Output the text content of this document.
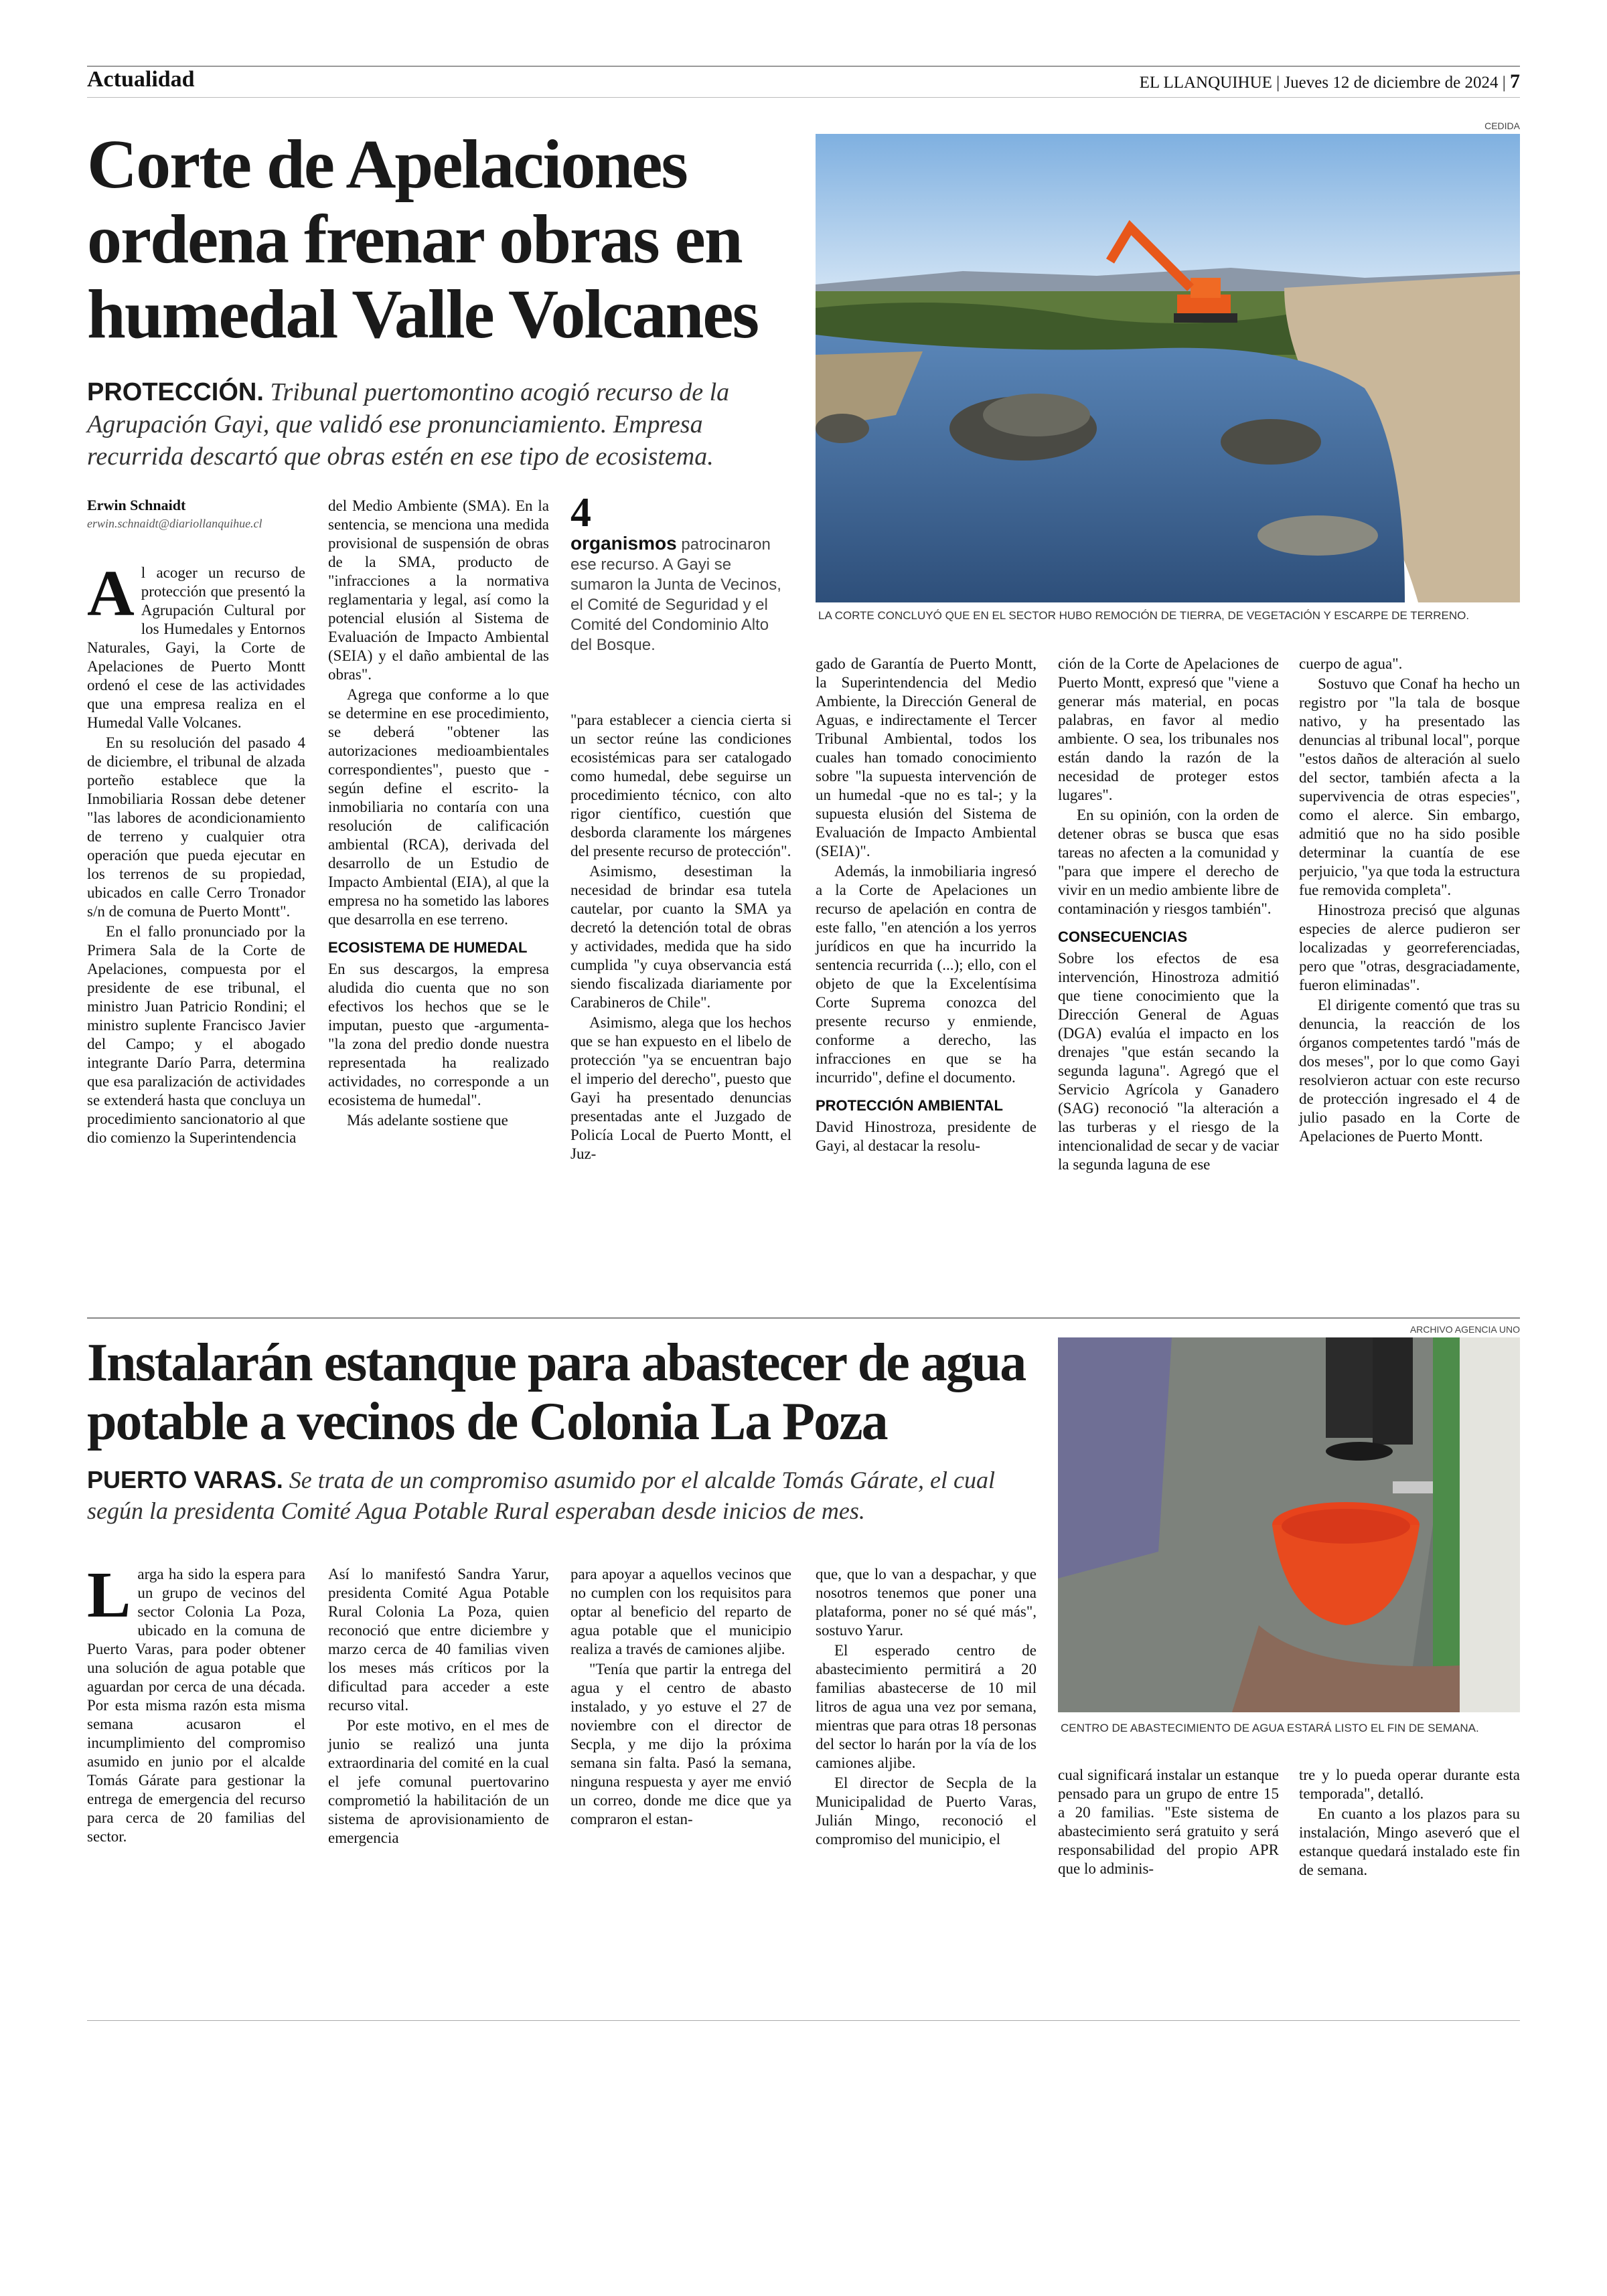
Actualidad	EL LLANQUIHUE | Jueves 12 de diciembre de 2024 | 7
Corte de Apelaciones ordena frenar obras en humedal Valle Volcanes
PROTECCIÓN. Tribunal puertomontino acogió recurso de la Agrupación Gayi, que validó ese pronunciamiento. Empresa recurrida descartó que obras estén en ese tipo de ecosistema.
CEDIDA
LA CORTE CONCLUYÓ QUE EN EL SECTOR HUBO REMOCIÓN DE TIERRA, DE VEGETACIÓN Y ESCARPE DE TERRENO.
Erwin Schnaidt
erwin.schnaidt@diariollanquihue.cl	4
organismos patrocinaron ese recurso. A Gayi se sumaron la Junta de Vecinos, el Comité de Seguridad y el Comité del Condominio Alto del Bosque.

Al acoger un recurso de protección que presentó la Agrupación Cultural por los Humedales y Entornos Naturales, Gayi, la Corte de Apelaciones de Puerto Montt ordenó el cese de las actividades que una empresa realiza en el Humedal Valle Volcanes.

En su resolución del pasado 4 de diciembre, el tribunal de alzada porteño establece que la Inmobiliaria Rossan debe detener "las labores de acondicionamiento de terreno y cualquier otra operación que pueda ejecutar en los terrenos de su propiedad, ubicados en calle Cerro Tronador s/n de comuna de Puerto Montt".

En el fallo pronunciado por la Primera Sala de la Corte de Apelaciones, compuesta por el presidente de ese tribunal, el ministro Juan Patricio Rondini; el ministro suplente Francisco Javier del Campo; y el abogado integrante Darío Parra, determina que esa paralización de actividades se extenderá hasta que concluya un procedimiento sancionatorio al que dio comienzo la Superintendencia

del Medio Ambiente (SMA). En la sentencia, se menciona una medida provisional de suspensión de obras de la SMA, producto de "infracciones a la normativa reglamentaria y legal, así como la potencial elusión al Sistema de Evaluación de Impacto Ambiental (SEIA) y el daño ambiental de las obras".

Agrega que conforme a lo que se determine en ese procedimiento, se deberá "obtener las autorizaciones medioambientales correspondientes", puesto que -según define el escrito- la inmobiliaria no contaría con una resolución de calificación ambiental (RCA), derivada del desarrollo de un Estudio de Impacto Ambiental (EIA), al que la empresa no ha sometido las labores que desarrolla en ese terreno.

ECOSISTEMA DE HUMEDAL

En sus descargos, la empresa aludida dio cuenta que no son efectivos los hechos que se le imputan, puesto que -argumenta- "la zona del predio donde nuestra representada ha realizado actividades, no corresponde a un ecosistema de humedal".

Más adelante sostiene que

"para establecer a ciencia cierta si un sector reúne las condiciones ecosistémicas para ser catalogado como humedal, debe seguirse un procedimiento técnico, con alto rigor científico, cuestión que desborda claramente los márgenes del presente recurso de protección".

Asimismo, desestiman la necesidad de brindar esa tutela cautelar, por cuanto la SMA ya decretó la detención total de obras y actividades, medida que ha sido cumplida "y cuya observancia está siendo fiscalizada diariamente por Carabineros de Chile".

Asimismo, alega que los hechos que se han expuesto en el libelo de protección "ya se encuentran bajo el imperio del derecho", puesto que Gayi ha presentado denuncias presentadas ante el Juzgado de Policía Local de Puerto Montt, el Juz-

gado de Garantía de Puerto Montt, la Superintendencia del Medio Ambiente, la Dirección General de Aguas, e indirectamente el Tercer Tribunal Ambiental, todos los cuales han tomado conocimiento sobre "la supuesta intervención de un humedal -que no es tal-; y la supuesta elusión del Sistema de Evaluación de Impacto Ambiental (SEIA)".

Además, la inmobiliaria ingresó a la Corte de Apelaciones un recurso de apelación en contra de este fallo, "en atención a los yerros jurídicos en que ha incurrido la sentencia recurrida (...); ello, con el objeto de que la Excelentísima Corte Suprema conozca del presente recurso y enmiende, conforme a derecho, las infracciones en que se ha incurrido", define el documento.

PROTECCIÓN AMBIENTAL

David Hinostroza, presidente de Gayi, al destacar la resolu-

ción de la Corte de Apelaciones de Puerto Montt, expresó que "viene a generar más material, en pocas palabras, en favor al medio ambiente. O sea, los tribunales nos están dando la razón de la necesidad de proteger estos lugares".

En su opinión, con la orden de detener obras se busca que esas tareas no afecten a la comunidad y "para que impere el derecho de vivir en un medio ambiente libre de contaminación y riesgos también".

CONSECUENCIAS

Sobre los efectos de esa intervención, Hinostroza admitió que tiene conocimiento que la Dirección General de Aguas (DGA) evalúa el impacto en los drenajes "que están secando la segunda laguna". Agregó que el Servicio Agrícola y Ganadero (SAG) reconoció "la alteración a las turberas y el riesgo de la intencionalidad de secar y de vaciar la segunda laguna de ese

cuerpo de agua".

Sostuvo que Conaf ha hecho un registro por "la tala de bosque nativo, y ha presentado las denuncias al tribunal local", porque "estos daños de alteración al suelo del sector, también afecta a la supervivencia de otras especies", como el alerce. Sin embargo, admitió que no ha sido posible determinar la cuantía de ese perjuicio, "ya que toda la estructura fue removida completa".

Hinostroza precisó que algunas especies de alerce pudieron ser localizadas y georreferenciadas, pero que "otras, desgraciadamente, fueron eliminadas".

El dirigente comentó que tras su denuncia, la reacción de los órganos competentes tardó "más de dos meses", por lo que como Gayi resolvieron actuar con este recurso de protección ingresado el 4 de julio pasado en la Corte de Apelaciones de Puerto Montt.

Instalarán estanque para abastecer de agua potable a vecinos de Colonia La Poza
PUERTO VARAS. Se trata de un compromiso asumido por el alcalde Tomás Gárate, el cual según la presidenta Comité Agua Potable Rural esperaban desde inicios de mes.
ARCHIVO AGENCIA UNO
CENTRO DE ABASTECIMIENTO DE AGUA ESTARÁ LISTO EL FIN DE SEMANA.

Larga ha sido la espera para un grupo de vecinos del sector Colonia La Poza, ubicado en la comuna de Puerto Varas, para poder obtener una solución de agua potable que aguardan por cerca de una década. Por esta misma razón esta misma semana acusaron el incumplimiento del compromiso asumido en junio por el alcalde Tomás Gárate para gestionar la entrega de emergencia del recurso para cerca de 20 familias del sector.

Así lo manifestó Sandra Yarur, presidenta Comité Agua Potable Rural Colonia La Poza, quien reconoció que entre diciembre y marzo cerca de 40 familias viven los meses más críticos por la dificultad para acceder a este recurso vital.

Por este motivo, en el mes de junio se realizó una junta extraordinaria del comité en la cual el jefe comunal puertovarino comprometió la habilitación de un sistema de aprovisionamiento de emergencia

para apoyar a aquellos vecinos que no cumplen con los requisitos para optar al beneficio del reparto de agua potable que el municipio realiza a través de camiones aljibe.

"Tenía que partir la entrega del agua y el centro de abasto instalado, y yo estuve el 27 de noviembre con el director de Secpla, y me dijo la próxima semana sin falta. Pasó la semana, ninguna respuesta y ayer me envió un correo, donde me dice que ya compraron el estan-

que, que lo van a despachar, y que nosotros tenemos que poner una plataforma, poner no sé qué más", sostuvo Yarur.

El esperado centro de abastecimiento permitirá a 20 familias abastecerse de 10 mil litros de agua una vez por semana, mientras que para otras 18 personas del sector lo harán por la vía de los camiones aljibe.

El director de Secpla de la Municipalidad de Puerto Varas, Julián Mingo, reconoció el compromiso del municipio, el

cual significará instalar un estanque pensado para un grupo de entre 15 a 20 familias. "Este sistema de abastecimiento será gratuito y será responsabilidad del propio APR que lo adminis-

tre y lo pueda operar durante esta temporada", detalló.

En cuanto a los plazos para su instalación, Mingo aseveró que el estanque quedará instalado este fin de semana.
